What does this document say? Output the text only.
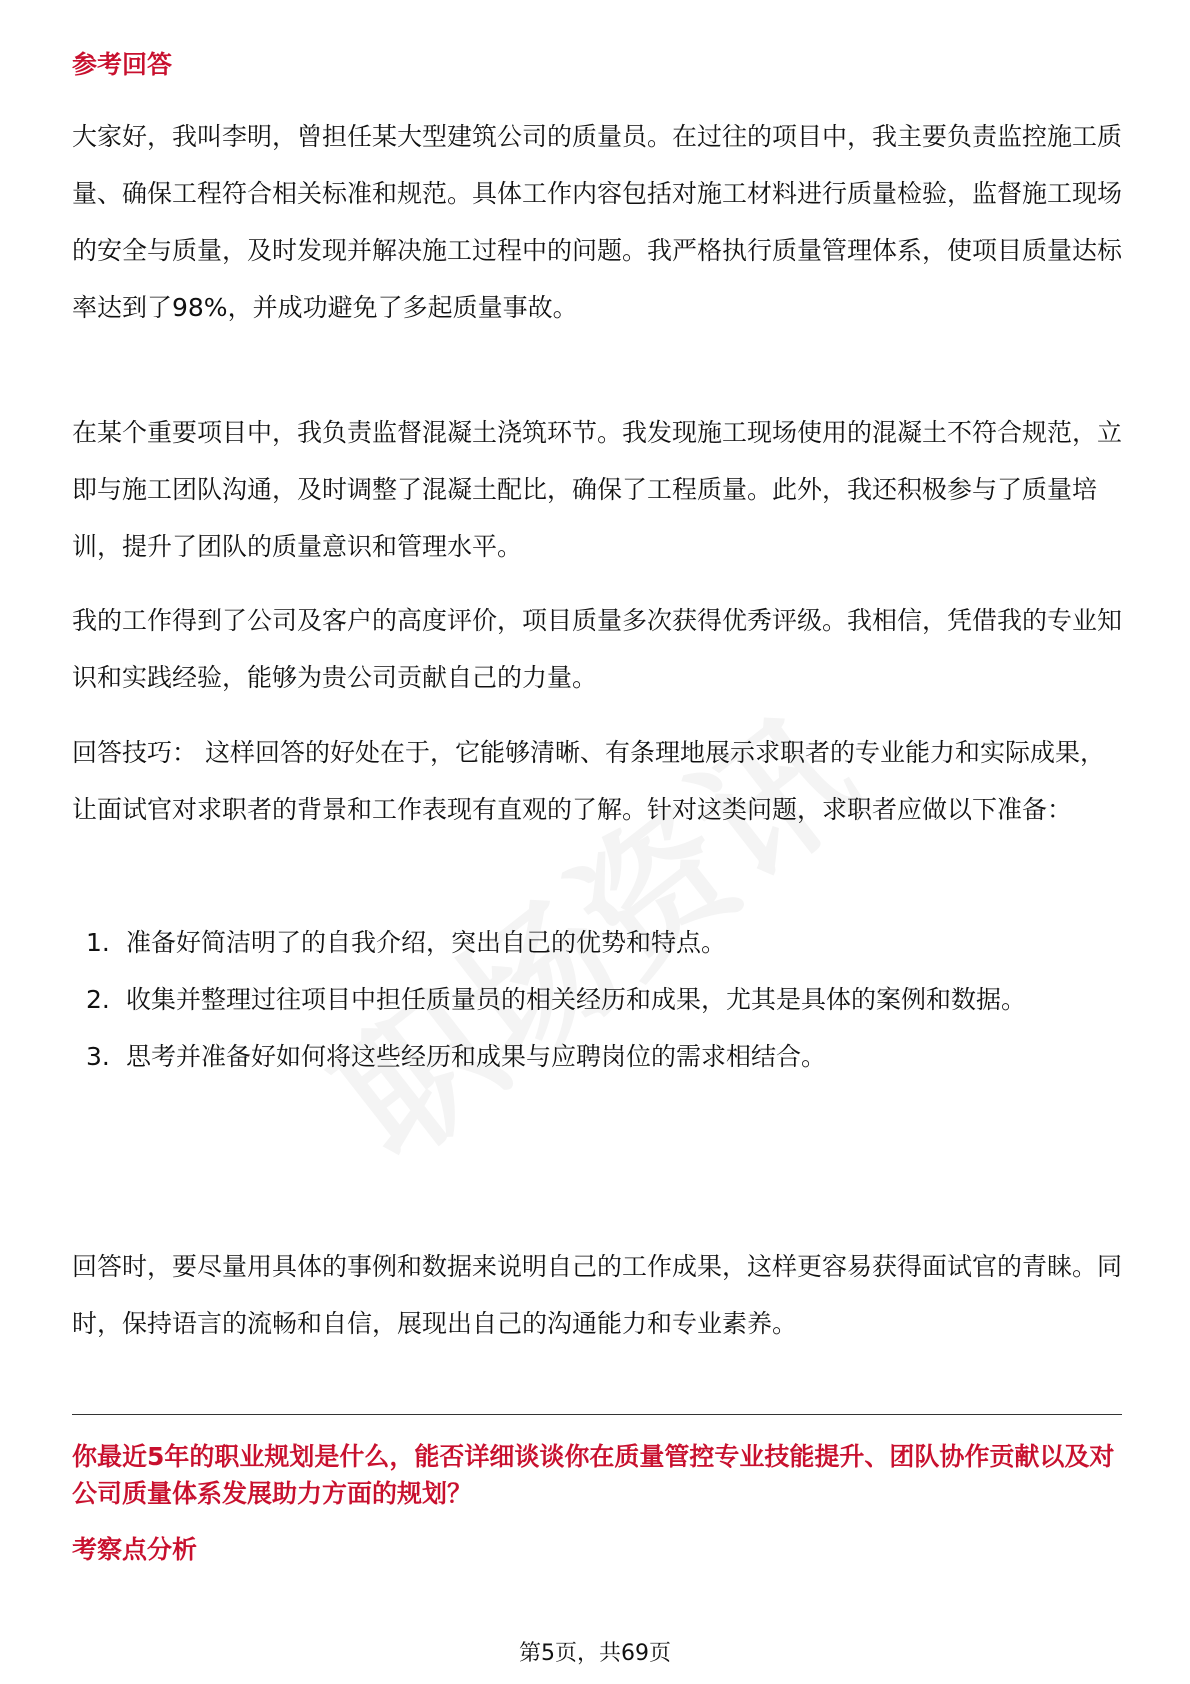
参考回答

大家好，我叫李明，曾担任某大型建筑公司的质量员。在过往的项目中，我主要负责监控施工质量、确保工程符合相关标准和规范。具体工作内容包括对施工材料进行质量检验，监督施工现场的安全与质量，及时发现并解决施工过程中的问题。我严格执行质量管理体系，使项目质量达标率达到了98%，并成功避免了多起质量事故。

在某个重要项目中，我负责监督混凝土浇筑环节。我发现施工现场使用的混凝土不符合规范，立即与施工团队沟通，及时调整了混凝土配比，确保了工程质量。此外，我还积极参与了质量培训，提升了团队的质量意识和管理水平。

我的工作得到了公司及客户的高度评价，项目质量多次获得优秀评级。我相信，凭借我的专业知识和实践经验，能够为贵公司贡献自己的力量。

回答技巧： 这样回答的好处在于，它能够清晰、有条理地展示求职者的专业能力和实际成果，让面试官对求职者的背景和工作表现有直观的了解。针对这类问题，求职者应做以下准备：

1. 准备好简洁明了的自我介绍，突出自己的优势和特点。
2. 收集并整理过往项目中担任质量员的相关经历和成果，尤其是具体的案例和数据。
3. 思考并准备好如何将这些经历和成果与应聘岗位的需求相结合。

回答时，要尽量用具体的事例和数据来说明自己的工作成果，这样更容易获得面试官的青睐。同时，保持语言的流畅和自信，展现出自己的沟通能力和专业素养。

你最近5年的职业规划是什么，能否详细谈谈你在质量管控专业技能提升、团队协作贡献以及对公司质量体系发展助力方面的规划？
考察点分析
第5页，共69页
